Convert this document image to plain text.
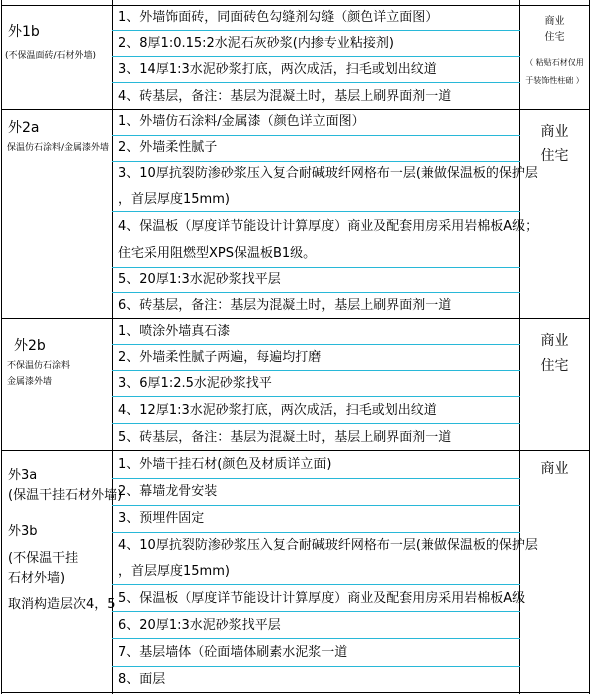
外1b
(不保温面砖/石材外墙)
1、外墙饰面砖，同面砖色勾缝剂勾缝（颜色详立面图）
2、8厚1:0.15:2水泥石灰砂浆(内掺专业粘接剂)
3、14厚1:3水泥砂浆打底，两次成活，扫毛或划出纹道
4、砖基层，备注：基层为混凝土时，基层上刷界面剂一道
商业
住宅
（ 粘贴石材仅用
于装饰性柱础 ）
外2a
保温仿石涂料/金属漆外墙
1、外墙仿石涂料/金属漆（颜色详立面图）
2、外墙柔性腻子
3、10厚抗裂防渗砂浆压入复合耐碱玻纤网格布一层(兼做保温板的保护层
，首层厚度15mm)
4、保温板（厚度详节能设计计算厚度）商业及配套用房采用岩棉板A级；
住宅采用阻燃型XPS保温板B1级。
5、20厚1:3水泥砂浆找平层
6、砖基层，备注：基层为混凝土时，基层上刷界面剂一道
商业
住宅
外2b
不保温仿石涂料
金属漆外墙
1、喷涂外墙真石漆
2、外墙柔性腻子两遍，每遍均打磨
3、6厚1:2.5水泥砂浆找平
4、12厚1:3水泥砂浆打底，两次成活，扫毛或划出纹道
5、砖基层，备注：基层为混凝土时，基层上刷界面剂一道
商业
住宅
外3a
(保温干挂石材外墙)
外3b
(不保温干挂
石材外墙)
取消构造层次4，5
1、外墙干挂石材(颜色及材质详立面)
2、幕墙龙骨安装
3、预埋件固定
4、10厚抗裂防渗砂浆压入复合耐碱玻纤网格布一层(兼做保温板的保护层
，首层厚度15mm)
5、保温板（厚度详节能设计计算厚度）商业及配套用房采用岩棉板A级
6、20厚1:3水泥砂浆找平层
7、基层墙体（砼面墙体刷素水泥浆一道
8、面层
商业
